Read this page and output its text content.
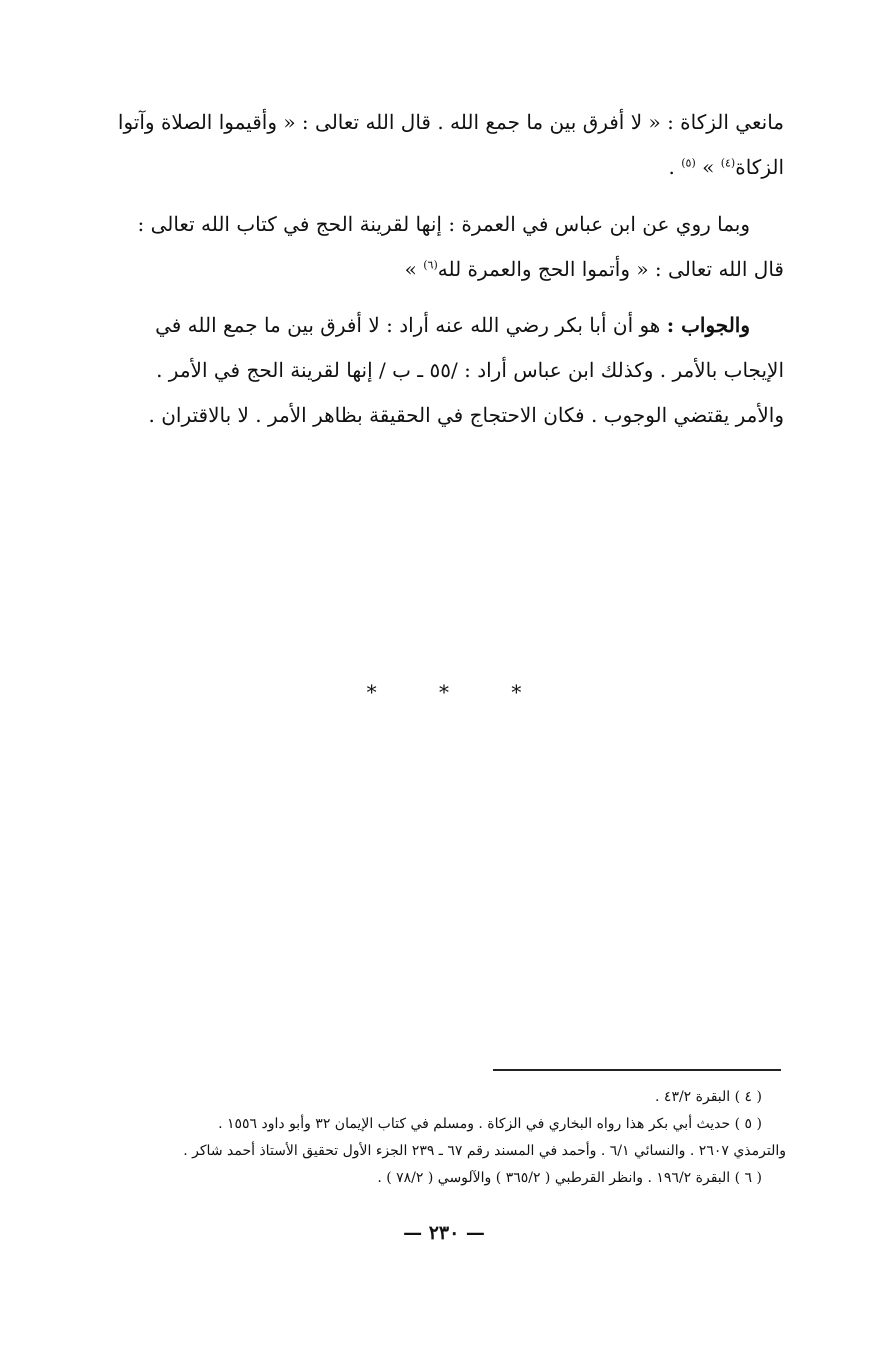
مانعي الزكاة : « لا أفرق بين ما جمع الله . قال الله تعالى : « وأقيموا الصلاة وآتوا
الزكاة$^{(٤)}$ » $^{(٥)}$ .
وبما روي عن ابن عباس في العمرة : إنها لقرينة الحج في كتاب الله تعالى :
قال الله تعالى : « وأتموا الحج والعمرة لله$^{(٦)}$ »
والجواب : هو أن أبا بكر رضي الله عنه أراد : لا أفرق بين ما جمع الله في
الإيجاب بالأمر . وكذلك ابن عباس أراد : /٥٥ ـ ب / إنها لقرينة الحج في الأمر .
والأمر يقتضي الوجوب . فكان الاحتجاج في الحقيقة بظاهر الأمر . لا بالاقتران .
* * *
( ٤ ) البقرة ٤٣/٢ .
( ٥ ) حديث أبي بكر هذا رواه البخاري في الزكاة . ومسلم في كتاب الإيمان ٣٢ وأبو داود ١٥٥٦ .
والترمذي ٢٦٠٧ . والنسائي ٦/١ . وأحمد في المسند رقم ٦٧ ـ ٢٣٩ الجزء الأول تحقيق الأستاذ أحمد شاكر .
( ٦ ) البقرة ١٩٦/٢ . وانظر القرطبي ( ٣٦٥/٢ ) والآلوسي ( ٧٨/٢ ) .
— ٢٣٠ —
